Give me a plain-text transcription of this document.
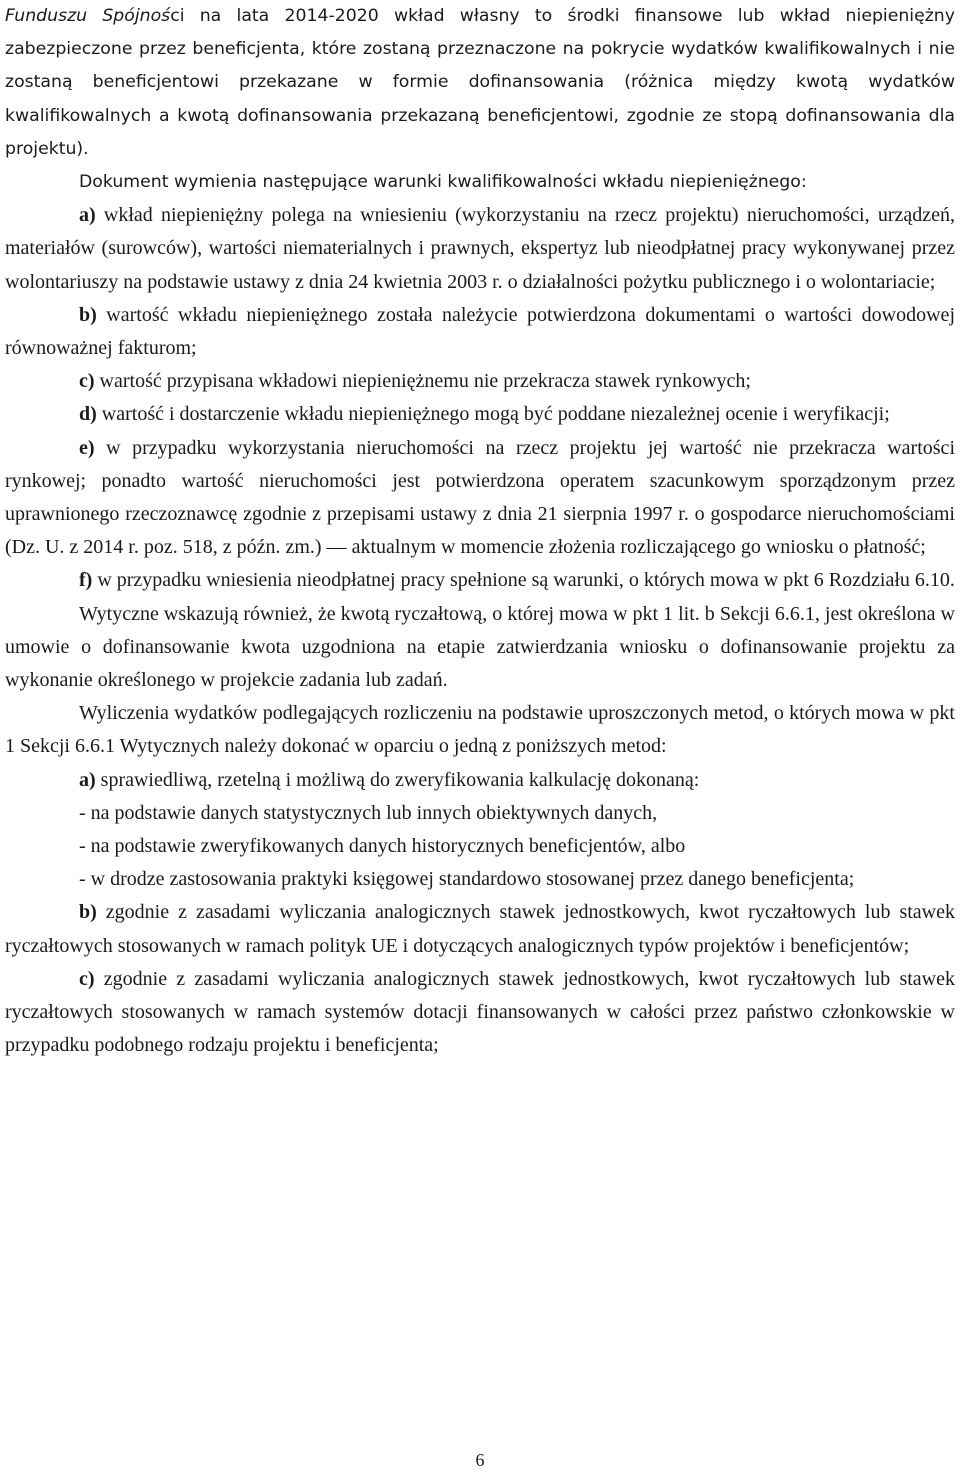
Funduszu Spójności na lata 2014-2020 wkład własny to środki finansowe lub wkład niepieniężny zabezpieczone przez beneficjenta, które zostaną przeznaczone na pokrycie wydatków kwalifikowalnych i nie zostaną beneficjentowi przekazane w formie dofinansowania (różnica między kwotą wydatków kwalifikowalnych a kwotą dofinansowania przekazaną beneficjentowi, zgodnie ze stopą dofinansowania dla projektu).

Dokument wymienia następujące warunki kwalifikowalności wkładu niepieniężnego:

a) wkład niepieniężny polega na wniesieniu (wykorzystaniu na rzecz projektu) nieruchomości, urządzeń, materiałów (surowców), wartości niematerialnych i prawnych, ekspertyz lub nieodpłatnej pracy wykonywanej przez wolontariuszy na podstawie ustawy z dnia 24 kwietnia 2003 r. o działalności pożytku publicznego i o wolontariacie;

b) wartość wkładu niepieniężnego została należycie potwierdzona dokumentami o wartości dowodowej równoważnej fakturom;

c) wartość przypisana wkładowi niepieniężnemu nie przekracza stawek rynkowych;

d) wartość i dostarczenie wkładu niepieniężnego mogą być poddane niezależnej ocenie i weryfikacji;

e) w przypadku wykorzystania nieruchomości na rzecz projektu jej wartość nie przekracza wartości rynkowej; ponadto wartość nieruchomości jest potwierdzona operatem szacunkowym sporządzonym przez uprawnionego rzeczoznawcę zgodnie z przepisami ustawy z dnia 21 sierpnia 1997 r. o gospodarce nieruchomościami (Dz. U. z 2014 r. poz. 518, z późn. zm.) — aktualnym w momencie złożenia rozliczającego go wniosku o płatność;

f) w przypadku wniesienia nieodpłatnej pracy spełnione są warunki, o których mowa w pkt 6 Rozdziału 6.10.

Wytyczne wskazują również, że kwotą ryczałtową, o której mowa w pkt 1 lit. b Sekcji 6.6.1, jest określona w umowie o dofinansowanie kwota uzgodniona na etapie zatwierdzania wniosku o dofinansowanie projektu za wykonanie określonego w projekcie zadania lub zadań.

Wyliczenia wydatków podlegających rozliczeniu na podstawie uproszczonych metod, o których mowa w pkt 1 Sekcji 6.6.1 Wytycznych należy dokonać w oparciu o jedną z poniższych metod:

a) sprawiedliwą, rzetelną i możliwą do zweryfikowania kalkulację dokonaną:

- na podstawie danych statystycznych lub innych obiektywnych danych,

- na podstawie zweryfikowanych danych historycznych beneficjentów, albo

- w drodze zastosowania praktyki księgowej standardowo stosowanej przez danego beneficjenta;

b) zgodnie z zasadami wyliczania analogicznych stawek jednostkowych, kwot ryczałtowych lub stawek ryczałtowych stosowanych w ramach polityk UE i dotyczących analogicznych typów projektów i beneficjentów;

c) zgodnie z zasadami wyliczania analogicznych stawek jednostkowych, kwot ryczałtowych lub stawek ryczałtowych stosowanych w ramach systemów dotacji finansowanych w całości przez państwo członkowskie w przypadku podobnego rodzaju projektu i beneficjenta;

6
